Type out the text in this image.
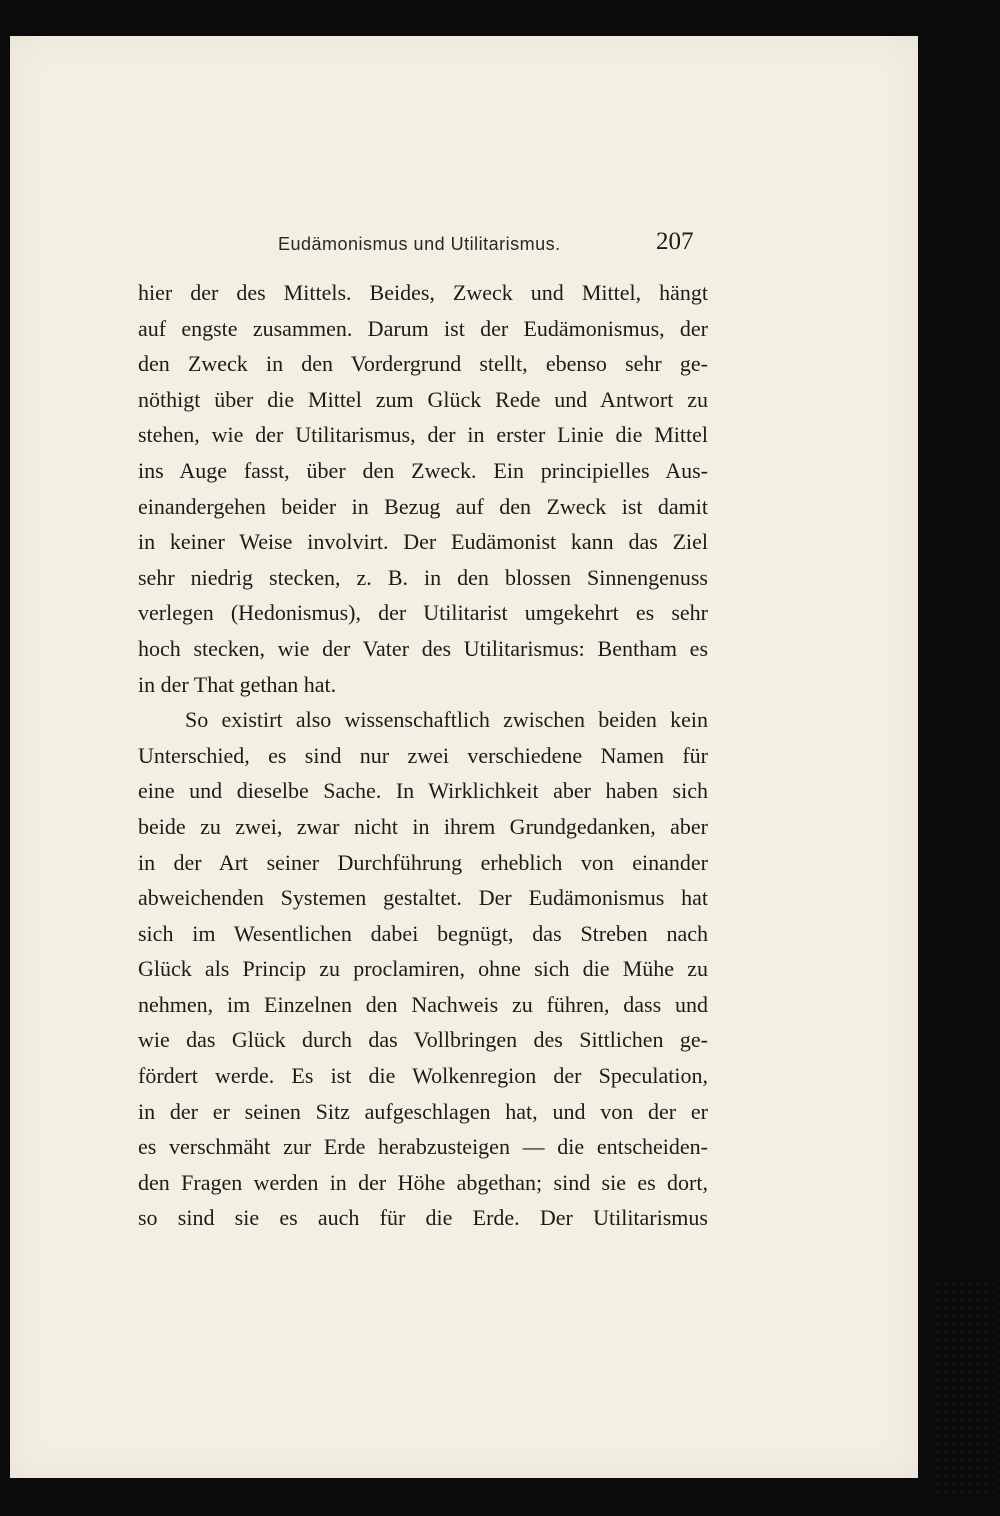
Eudämonismus und Utilitarismus.	207
hier der des Mittels. Beides, Zweck und Mittel, hängt
auf engste zusammen. Darum ist der Eudämonismus, der
den Zweck in den Vordergrund stellt, ebenso sehr ge-
nöthigt über die Mittel zum Glück Rede und Antwort zu
stehen, wie der Utilitarismus, der in erster Linie die Mittel
ins Auge fasst, über den Zweck. Ein principielles Aus-
einandergehen beider in Bezug auf den Zweck ist damit
in keiner Weise involvirt. Der Eudämonist kann das Ziel
sehr niedrig stecken, z. B. in den blossen Sinnengenuss
verlegen (Hedonismus), der Utilitarist umgekehrt es sehr
hoch stecken, wie der Vater des Utilitarismus: Bentham es
in der That gethan hat.
So existirt also wissenschaftlich zwischen beiden kein
Unterschied, es sind nur zwei verschiedene Namen für
eine und dieselbe Sache. In Wirklichkeit aber haben sich
beide zu zwei, zwar nicht in ihrem Grundgedanken, aber
in der Art seiner Durchführung erheblich von einander
abweichenden Systemen gestaltet. Der Eudämonismus hat
sich im Wesentlichen dabei begnügt, das Streben nach
Glück als Princip zu proclamiren, ohne sich die Mühe zu
nehmen, im Einzelnen den Nachweis zu führen, dass und
wie das Glück durch das Vollbringen des Sittlichen ge-
fördert werde. Es ist die Wolkenregion der Speculation,
in der er seinen Sitz aufgeschlagen hat, und von der er
es verschmäht zur Erde herabzusteigen — die entscheiden-
den Fragen werden in der Höhe abgethan; sind sie es dort,
so sind sie es auch für die Erde. Der Utilitarismus
